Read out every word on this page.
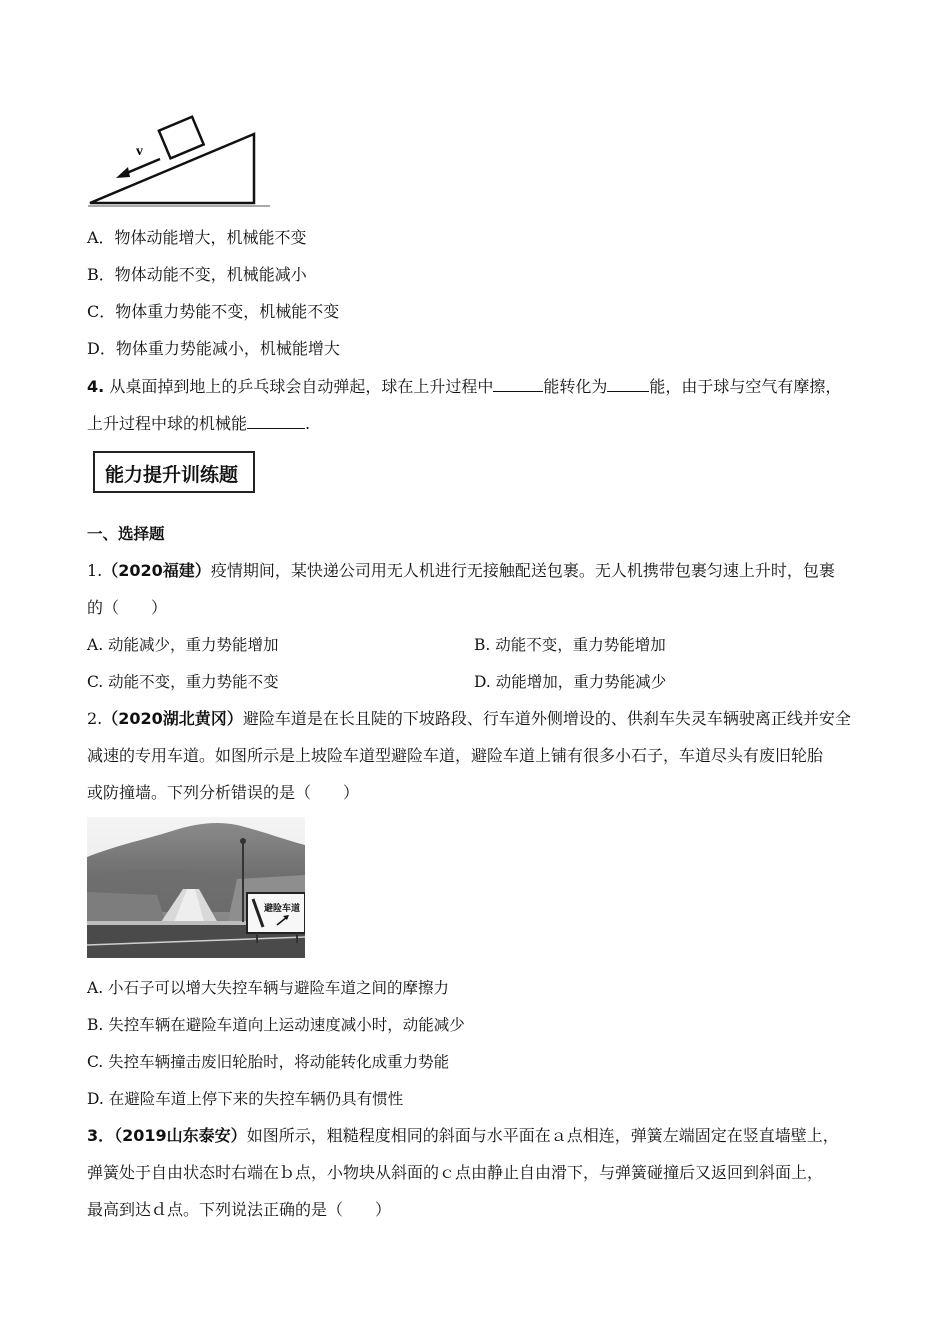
v
A．物体动能增大，机械能不变
B．物体动能不变，机械能减小
C．物体重力势能不变，机械能不变
D．物体重力势能减小，机械能增大
4. 从桌面掉到地上的乒乓球会自动弹起，球在上升过程中	能转化为	能，由于球与空气有摩擦，
上升过程中球的机械能	.
能力提升训练题
一、选择题
1.（2020福建）疫情期间，某快递公司用无人机进行无接触配送包裹。无人机携带包裹匀速上升时，包裹
的（　　）
A. 动能减少，重力势能增加	B. 动能不变，重力势能增加
C. 动能不变，重力势能不变	D. 动能增加，重力势能减少
2.（2020湖北黄冈）避险车道是在长且陡的下坡路段、行车道外侧增设的、供刹车失灵车辆驶离正线并安全
减速的专用车道。如图所示是上坡险车道型避险车道，避险车道上铺有很多小石子，车道尽头有废旧轮胎
或防撞墙。下列分析错误的是（　　）
避险车道
A. 小石子可以增大失控车辆与避险车道之间的摩擦力
B. 失控车辆在避险车道向上运动速度减小时，动能减少
C. 失控车辆撞击废旧轮胎时，将动能转化成重力势能
D. 在避险车道上停下来的失控车辆仍具有惯性
3．（2019山东泰安）如图所示，粗糙程度相同的斜面与水平面在ａ点相连，弹簧左端固定在竖直墙壁上，
弹簧处于自由状态时右端在ｂ点，小物块从斜面的ｃ点由静止自由滑下，与弹簧碰撞后又返回到斜面上，
最高到达ｄ点。下列说法正确的是（　　）
